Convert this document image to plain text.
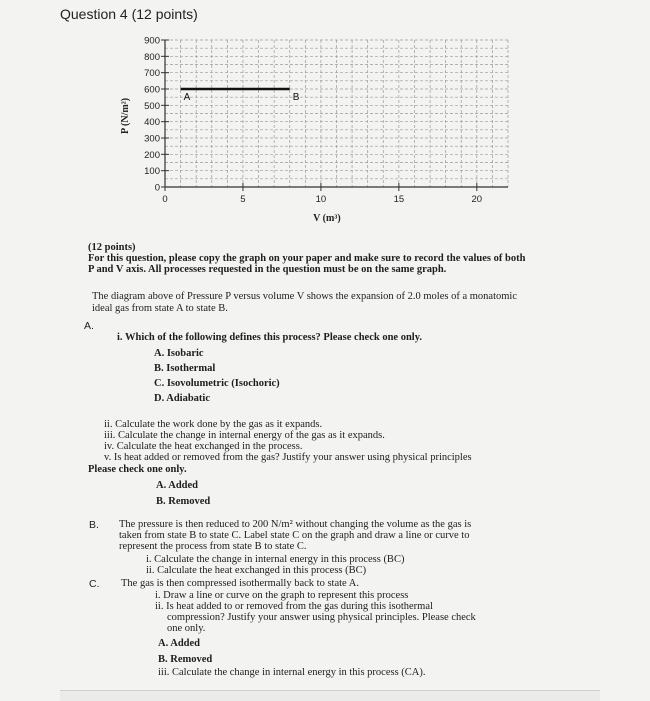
Question 4 (12 points)
0
100
200
300
400
500
600
700
800
900
0	5	10	15	20
V (m³)
P (N/m²)
A	B
(12 points)
For this question, please copy the graph on your paper and make sure to record the values of both
P and V axis. All processes requested in the question must be on the same graph.
The diagram above of Pressure P versus volume V shows the expansion of 2.0 moles of a monatomic
ideal gas from state A to state B.
A.
i. Which of the following defines this process? Please check one only.
A. Isobaric
B. Isothermal
C. Isovolumetric (Isochoric)
D. Adiabatic
ii. Calculate the work done by the gas as it expands.
iii. Calculate the change in internal energy of the gas as it expands.
iv. Calculate the heat exchanged in the process.
v. Is heat added or removed from the gas? Justify your answer using physical principles
Please check one only.
A. Added
B. Removed
B. The pressure is then reduced to 200 N/m² without changing the volume as the gas is
taken from state B to state C. Label state C on the graph and draw a line or curve to
represent the process from state B to state C.
i. Calculate the change in internal energy in this process (BC)
ii. Calculate the heat exchanged in this process (BC)
C. The gas is then compressed isothermally back to state A.
i. Draw a line or curve on the graph to represent this process
ii. Is heat added to or removed from the gas during this isothermal
compression? Justify your answer using physical principles. Please check
one only.
A. Added
B. Removed
iii. Calculate the change in internal energy in this process (CA).
